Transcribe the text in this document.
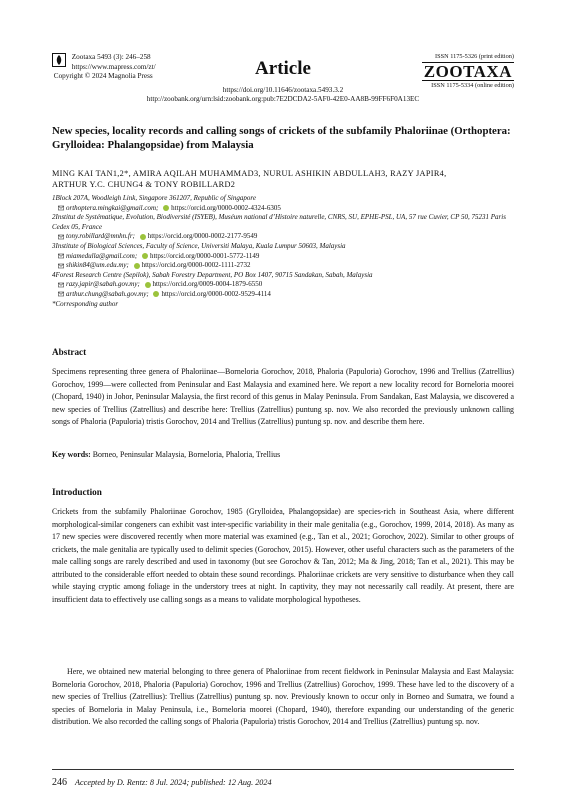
Zootaxa 5493 (3): 246–258
https://www.mapress.com/zt/
Copyright © 2024 Magnolia Press	Article
ISSN 1175-5326 (print edition)
ZOOTAXA
ISSN 1175-5334 (online edition)
https://doi.org/10.11646/zootaxa.5493.3.2
http://zoobank.org/urn:lsid:zoobank.org:pub:7E2DCDA2-5AF0-42E0-AA8B-99FF6F0A13EC
New species, locality records and calling songs of crickets of the subfamily Phaloriinae (Orthoptera: Grylloidea: Phalangopsidae) from Malaysia
MING KAI TAN1,2*, AMIRA AQILAH MUHAMMAD3, NURUL ASHIKIN ABDULLAH3, RAZY JAPIR4,
ARTHUR Y.C. CHUNG4 & TONY ROBILLARD2
1Block 207A, Woodleigh Link, Singapore 361207, Republic of Singapore
orthoptera.mingkai@gmail.com; https://orcid.org/0000-0002-4324-6305
2Institut de Systématique, Evolution, Biodiversité (ISYEB), Muséum national d’Histoire naturelle, CNRS, SU, EPHE-PSL, UA, 57 rue Cuvier, CP 50, 75231 Paris Cedex 05, France
tony.robillard@mnhn.fr; https://orcid.org/0000-0002-2177-9549
3Institute of Biological Sciences, Faculty of Science, Universiti Malaya, Kuala Lumpur 50603, Malaysia
miamedulla@gmail.com; https://orcid.org/0000-0001-5772-1149
shikin84@um.edu.my; https://orcid.org/0000-0002-1111-2732
4Forest Research Centre (Sepilok), Sabah Forestry Department, PO Box 1407, 90715 Sandakan, Sabah, Malaysia
razy.japir@sabah.gov.my; https://orcid.org/0009-0004-1879-6550
arthur.chung@sabah.gov.my; https://orcid.org/0000-0002-9529-4114
*Corresponding author
Abstract
Specimens representing three genera of Phaloriinae—Borneloria Gorochov, 2018, Phaloria (Papuloria) Gorochov, 1996 and Trellius (Zatrellius) Gorochov, 1999—were collected from Peninsular and East Malaysia and examined here. We report a new locality record for Borneloria moorei (Chopard, 1940) in Johor, Peninsular Malaysia, the first record of this genus in Malay Peninsula. From Sandakan, East Malaysia, we discovered a new species of Trellius (Zatrellius) and describe here: Trellius (Zatrellius) puntung sp. nov. We also recorded the previously unknown calling songs of Phaloria (Papuloria) tristis Gorochov, 2014 and Trellius (Zatrellius) puntung sp. nov. and describe them here.
Key words: Borneo, Peninsular Malaysia, Borneloria, Phaloria, Trellius
Introduction
Crickets from the subfamily Phaloriinae Gorochov, 1985 (Grylloidea, Phalangopsidae) are species-rich in Southeast Asia, where different morphological-similar congeners can exhibit vast inter-specific variability in their male genitalia (e.g., Gorochov, 1999, 2014, 2018). As many as 17 new species were discovered recently when more material was examined (e.g., Tan et al., 2021; Gorochov, 2022). Similar to other groups of crickets, the male genitalia are typically used to delimit species (Gorochov, 2015). However, other useful characters such as the parameters of the male calling songs are rarely described and used in taxonomy (but see Gorochov & Tan, 2012; Ma & Jing, 2018; Tan et al., 2021). This may be attributed to the considerable effort needed to obtain these sound recordings. Phaloriinae crickets are very sensitive to disturbance when they call while staying cryptic among foliage in the understory trees at night. In captivity, they may not necessarily call readily. At present, there are insufficient data to effectively use calling songs as a means to validate morphological hypotheses.
Here, we obtained new material belonging to three genera of Phaloriinae from recent fieldwork in Peninsular Malaysia and East Malaysia: Borneloria Gorochov, 2018, Phaloria (Papuloria) Gorochov, 1996 and Trellius (Zatrellius) Gorochov, 1999. These have led to the discovery of a new species of Trellius (Zatrellius): Trellius (Zatrellius) puntung sp. nov. Previously known to occur only in Borneo and Sumatra, we found a species of Borneloria in Malay Peninsula, i.e., Borneloria moorei (Chopard, 1940), therefore expanding our understanding of the generic distribution. We also recorded the calling songs of Phaloria (Papuloria) tristis Gorochov, 2014 and Trellius (Zatrellius) puntung sp. nov.
246 Accepted by D. Rentz: 8 Jul. 2024; published: 12 Aug. 2024
